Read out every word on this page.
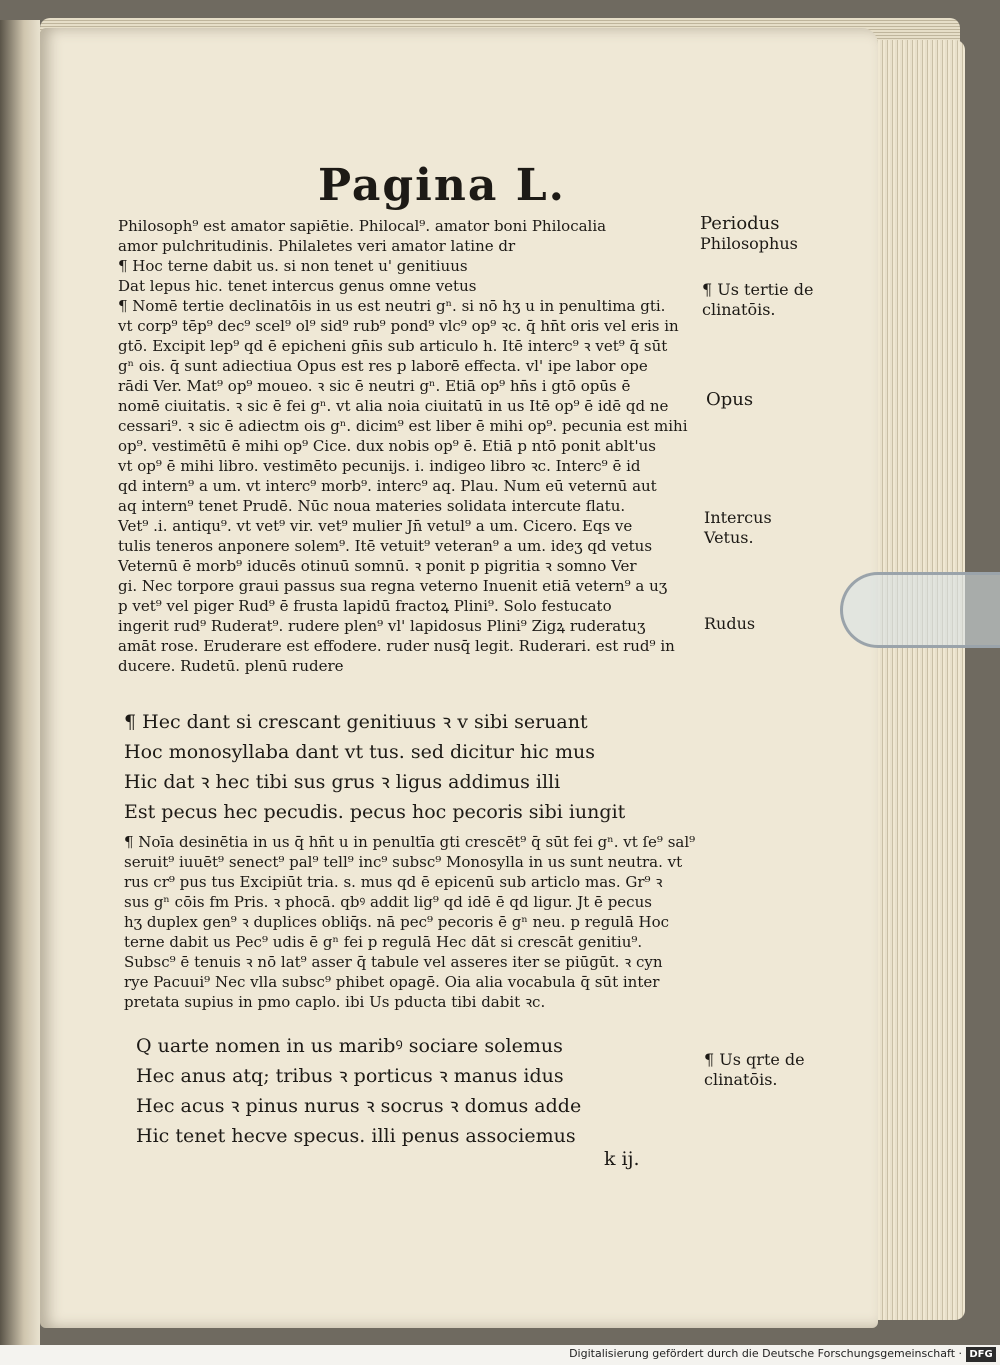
Pagina L.
Philosoph⁹ est amator sapiētie. Philocal⁹. amator boni Philocalia
amor pulchritudinis. Philaletes veri amator latine dr
¶ Hoc terne dabit us. si non tenet u' genitiuus
Dat lepus hic. tenet intercus genus omne vetus
¶ Nomē tertie declinatōis in us est neutri gⁿ. si nō hʒ u in penultima gti.
vt corp⁹ tēp⁹ dec⁹ scel⁹ ol⁹ sid⁹ rub⁹ pond⁹ vlc⁹ op⁹ ꝛc. q̄ hn̄t oris vel eris in
gtō. Excipit lep⁹ qd ē epicheni gn̄is sub articulo h. Itē interc⁹ ꝛ vet⁹ q̄ sūt
gⁿ ois. q̄ sunt adiectiua Opus est res p laborē effecta. vl' ipe labor ope
rādi Ver. Mat⁹ op⁹ moueo. ꝛ sic ē neutri gⁿ. Etiā op⁹ hn̄s i gtō opūs ē
nomē ciuitatis. ꝛ sic ē fei gⁿ. vt alia noia ciuitatū in us Itē op⁹ ē idē qd ne
cessari⁹. ꝛ sic ē adiectm ois gⁿ. dicim⁹ est liber ē mihi op⁹. pecunia est mihi
op⁹. vestimētū ē mihi op⁹ Cice. dux nobis op⁹ ē. Etiā p ntō ponit ablt'us
vt op⁹ ē mihi libro. vestimēto pecunijs. i. indigeo libro ꝛc. Interc⁹ ē id
qd intern⁹ a um. vt interc⁹ morb⁹. interc⁹ aq. Plau. Num eū veternū aut
aq intern⁹ tenet Prudē. Nūc noua materies solidata intercute flatu.
Vet⁹ .i. antiqu⁹. vt vet⁹ vir. vet⁹ mulier Jn̄ vetul⁹ a um. Cicero. Eqs ve
tulis teneros anponere solem⁹. Itē vetuit⁹ veteran⁹ a um. ideʒ qd vetus
Veternū ē morb⁹ iducēs otinuū somnū. ꝛ ponit p pigritia ꝛ somno Ver
gi. Nec torpore graui passus sua regna veterno Inuenit etiā vetern⁹ a uʒ
p vet⁹ vel piger Rud⁹ ē frusta lapidū fractoꝝ Plini⁹. Solo festucato
ingerit rud⁹ Ruderat⁹. rudere plen⁹ vl' lapidosus Plini⁹ Zigꝝ ruderatuʒ
amāt rose. Eruderare est effodere. ruder nusq̄ legit. Ruderari. est rud⁹ in
ducere. Rudetū. plenū rudere
¶ Hec dant si crescant genitiuus ꝛ v sibi seruant
Hoc monosyllaba dant vt tus. sed dicitur hic mus
Hic dat ꝛ hec tibi sus grus ꝛ ligus addimus illi
Est pecus hec pecudis. pecus hoc pecoris sibi iungit
¶ Noīa desinētia in us q̄ hn̄t u in penultīa gti crescēt⁹ q̄ sūt fei gⁿ. vt ſe⁹ sal⁹
seruit⁹ iuuēt⁹ senect⁹ pal⁹ tell⁹ inc⁹ subsc⁹ Monosylla in us sunt neutra. vt
rus cr⁹ pus tus Excipiūt tria. s. mus qd ē epicenū sub articlo mas. Gr⁹ ꝛ
sus gⁿ cōis fm Pris. ꝛ phocā. qbꝰ addit lig⁹ qd idē ē qd ligur. Jt ē pecus
hʒ duplex gen⁹ ꝛ duplices obliq̄s. nā pec⁹ pecoris ē gⁿ neu. p regulā Hoc
terne dabit us Pec⁹ udis ē gⁿ fei p regulā Hec dāt si crescāt genitiu⁹.
Subsc⁹ ē tenuis ꝛ nō lat⁹ asser q̄ tabule vel asseres iter se piūgūt. ꝛ cyn
rye Pacuui⁹ Nec vlla subsc⁹ phibet opagē. Oia alia vocabula q̄ sūt inter
pretata supius in pmo caplo. ibi Us pducta tibi dabit ꝛc.
Q uarte nomen in us maribꝰ sociare solemus
Hec anus atq; tribus ꝛ porticus ꝛ manus idus
Hec acus ꝛ pinus nurus ꝛ socrus ꝛ domus adde
Hic tenet hecve specus. illi penus associemus
Periodus
Philosophus
¶ Us tertie de
clinatōis.
Opus
Intercus
Vetus.
Rudus
¶ Us qrte de
clinatōis.
k ij.
Digitalisierung gefördert durch die Deutsche Forschungsgemeinschaft · DFG
